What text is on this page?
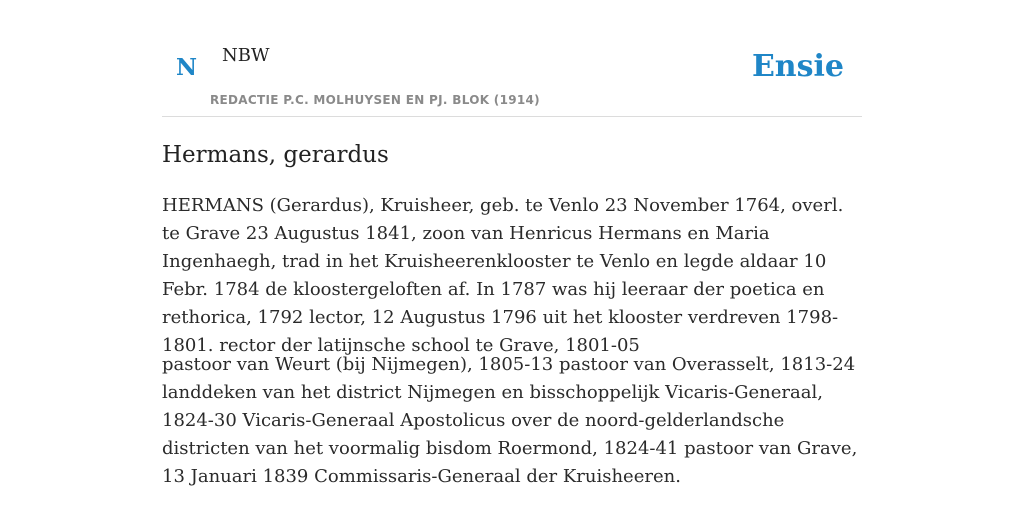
N NBW
REDACTIE P.C. MOLHUYSEN EN PJ. BLOK (1914)
Ensie
Hermans, gerardus

HERMANS (Gerardus), Kruisheer, geb. te Venlo 23 November 1764, overl. te Grave 23 Augustus 1841, zoon van Henricus Hermans en Maria Ingenhaegh, trad in het Kruisheerenklooster te Venlo en legde aldaar 10 Febr. 1784 de kloostergeloften af. In 1787 was hij leeraar der poetica en rethorica, 1792 lector, 12 Augustus 1796 uit het klooster verdreven 1798-1801. rector der latijnsche school te Grave, 1801-05

pastoor van Weurt (bij Nijmegen), 1805-13 pastoor van Overasselt, 1813-24 landdeken van het district Nijmegen en bisschoppelijk Vicaris-Generaal, 1824-30 Vicaris-Generaal Apostolicus over de noord-gelderlandsche districten van het voormalig bisdom Roermond, 1824-41 pastoor van Grave, 13 Januari 1839 Commissaris-Generaal der Kruisheeren.
